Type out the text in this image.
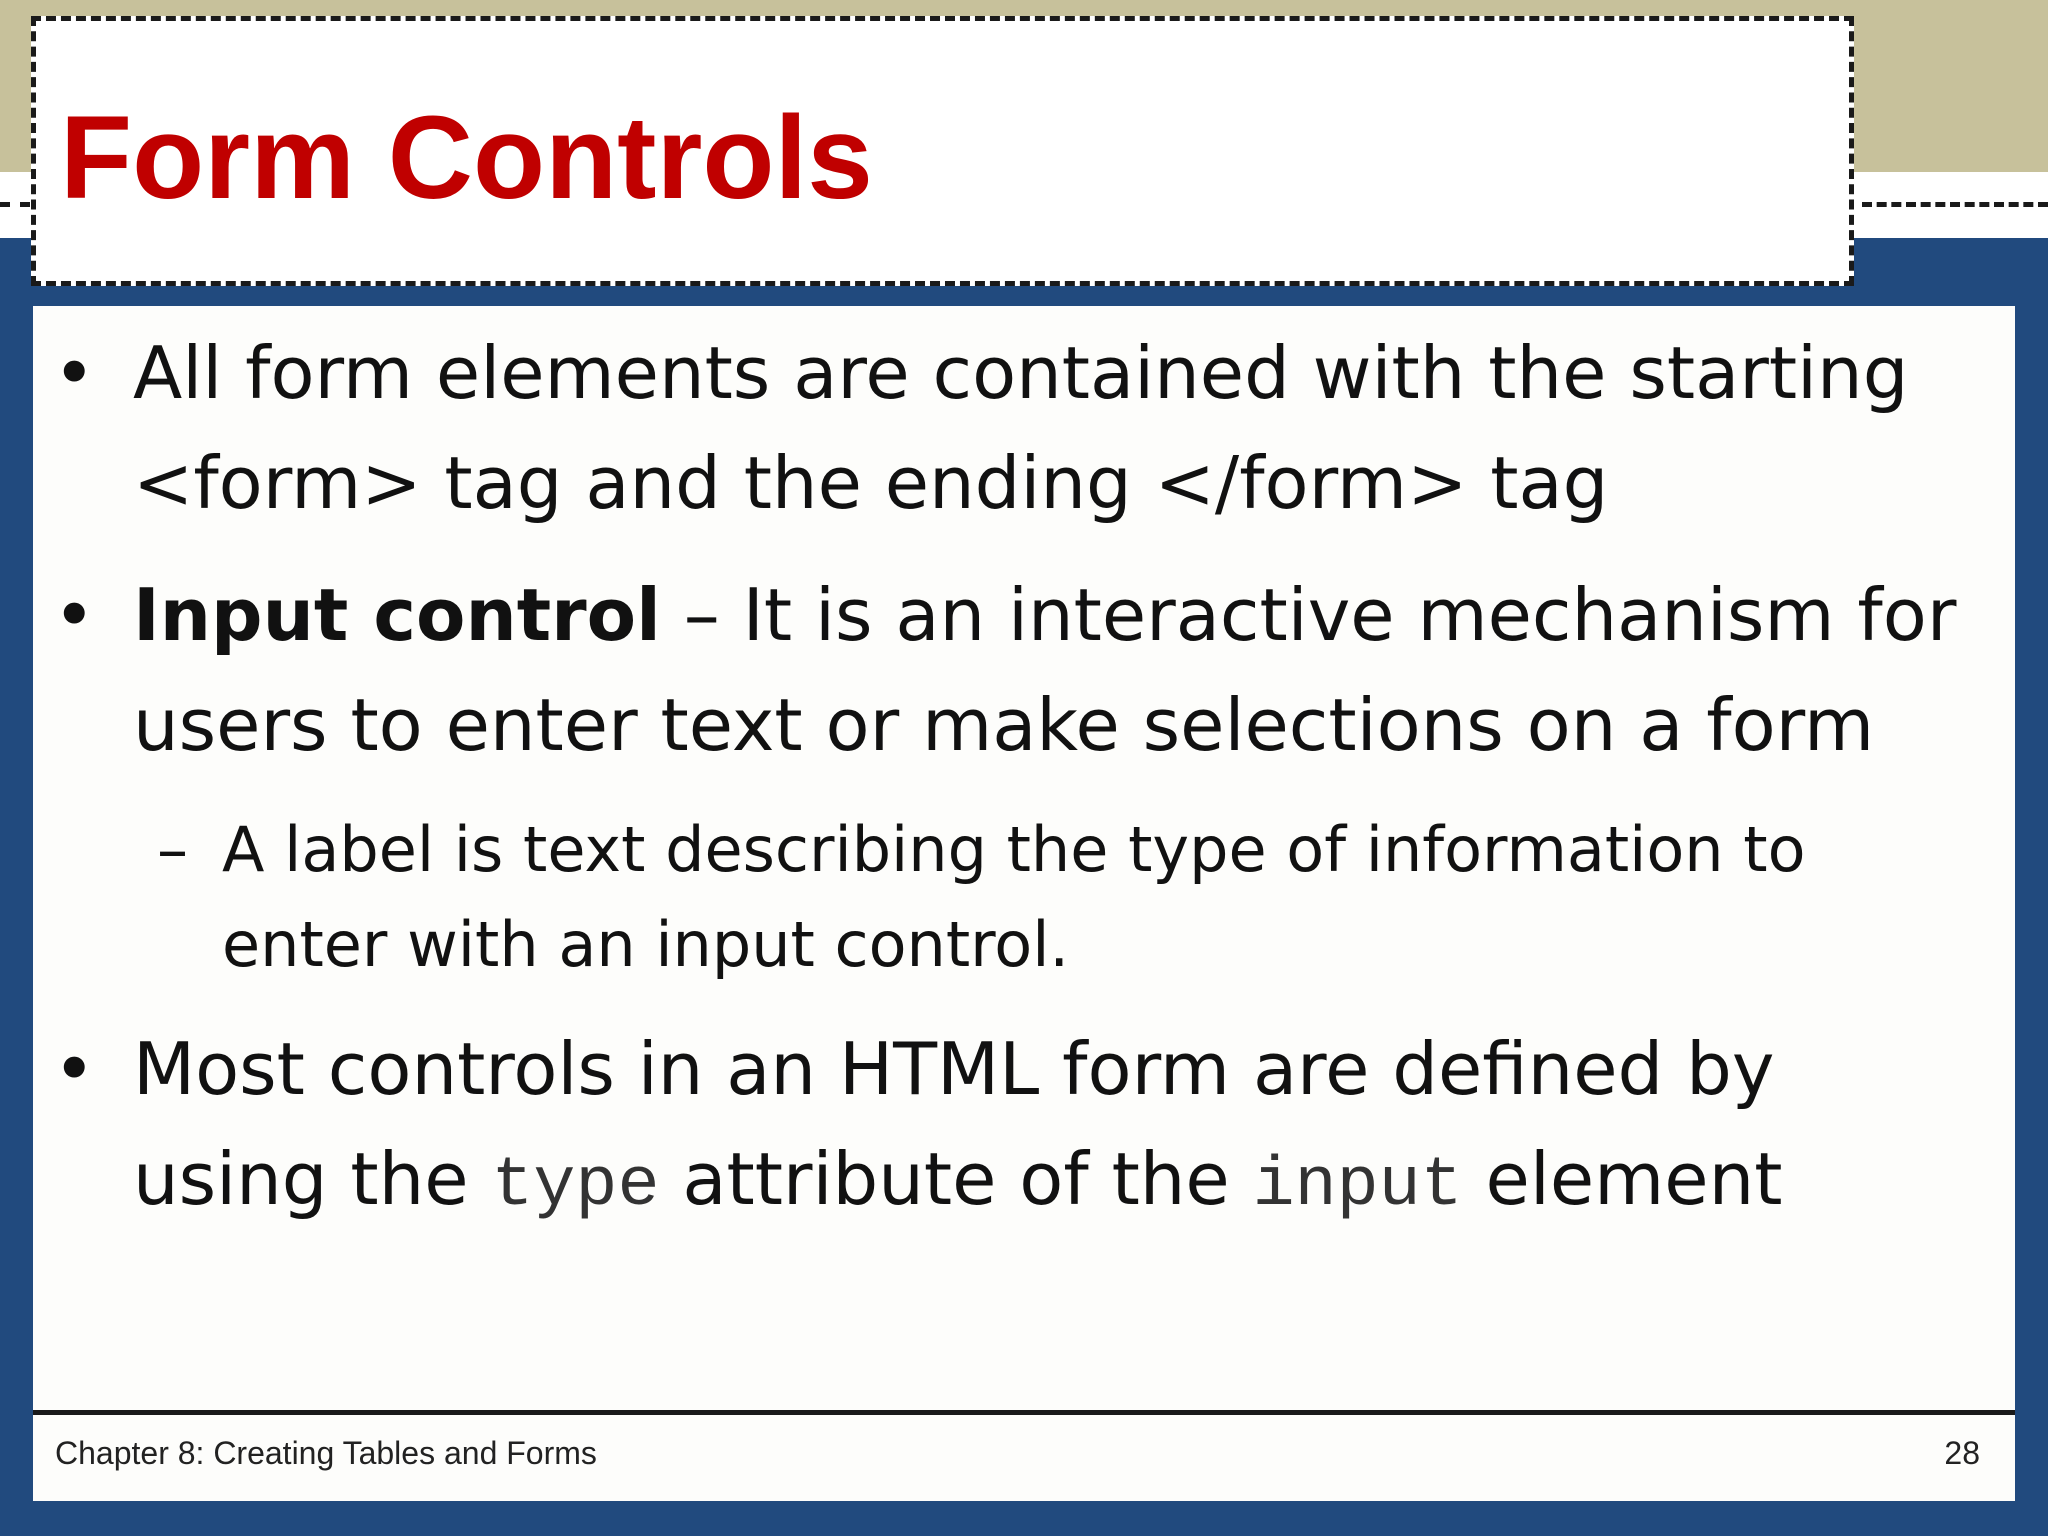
Form Controls
• All form elements are contained with the starting
<form> tag and the ending </form> tag
• Input control – It is an interactive mechanism for
users to enter text or make selections on a form
– A label is text describing the type of information to
enter with an input control.
• Most controls in an HTML form are defined by
using the type attribute of the input element
Chapter 8: Creating Tables and Forms	28
